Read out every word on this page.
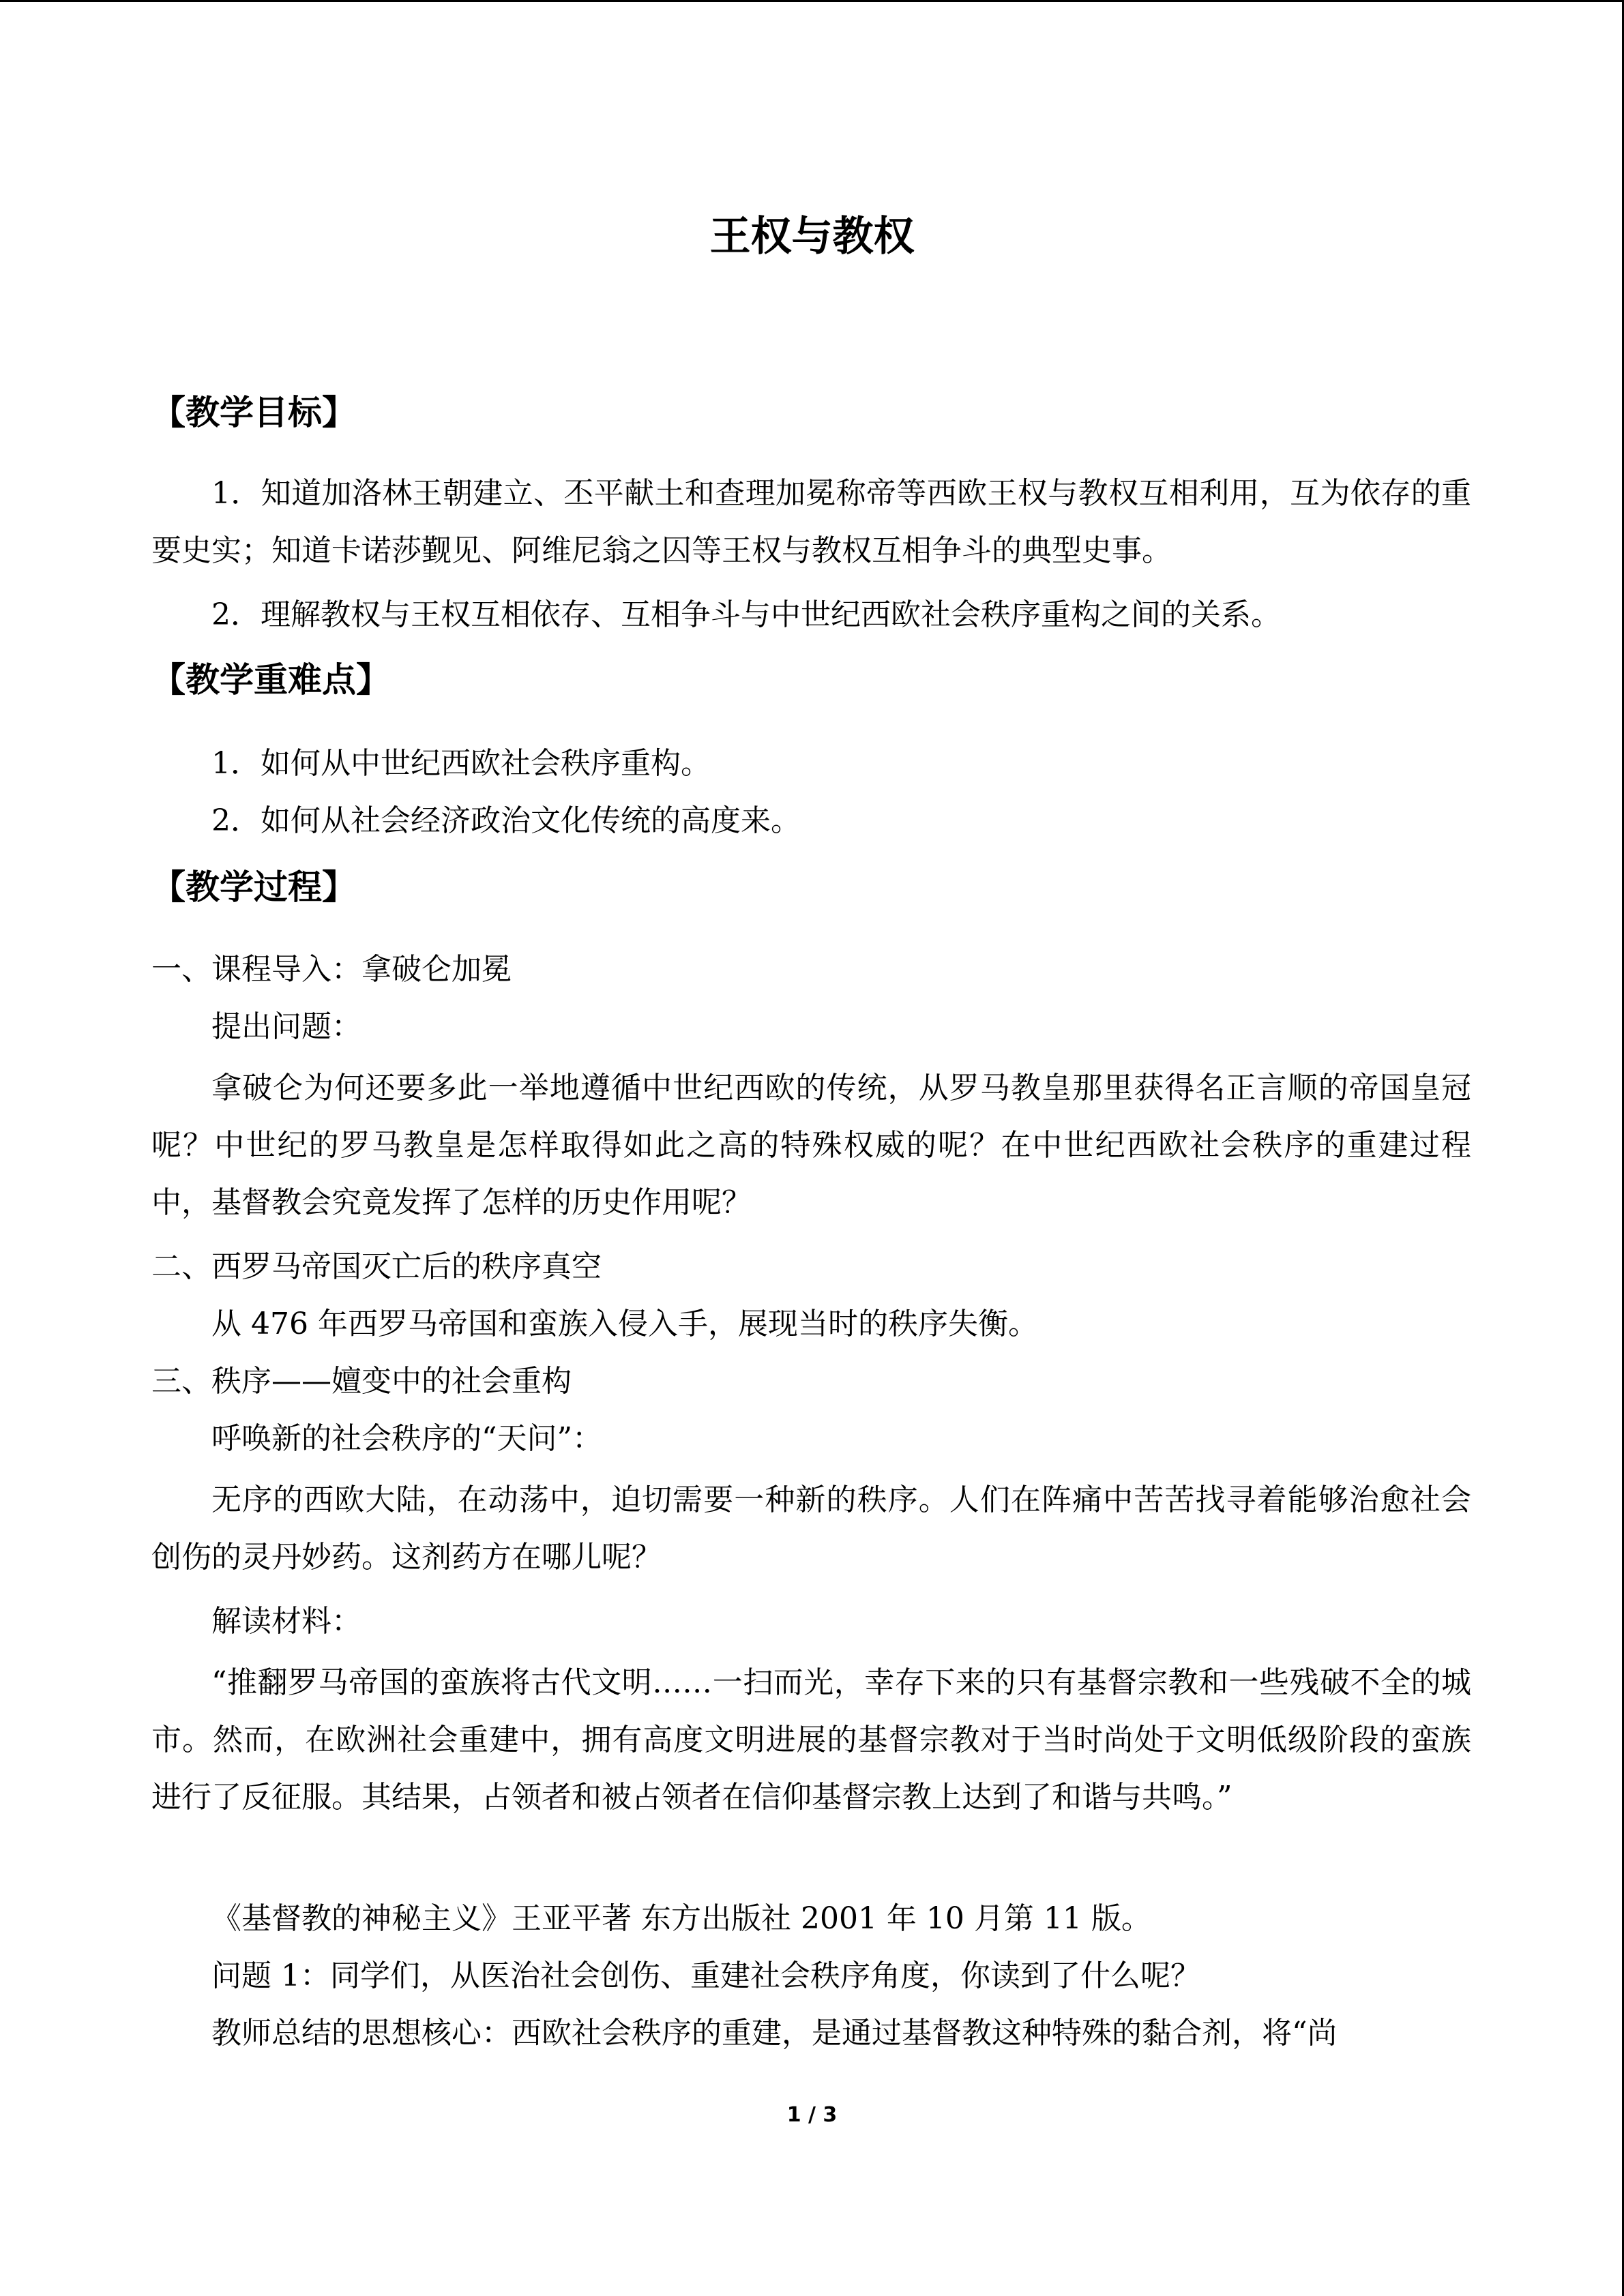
王权与教权
【教学目标】
1．知道加洛林王朝建立、丕平献土和查理加冕称帝等西欧王权与教权互相利用，互为依存的重要史实；知道卡诺莎觐见、阿维尼翁之囚等王权与教权互相争斗的典型史事。
2．理解教权与王权互相依存、互相争斗与中世纪西欧社会秩序重构之间的关系。
【教学重难点】
1．如何从中世纪西欧社会秩序重构。
2．如何从社会经济政治文化传统的高度来。
【教学过程】
一、课程导入：拿破仑加冕
提出问题：
拿破仑为何还要多此一举地遵循中世纪西欧的传统，从罗马教皇那里获得名正言顺的帝国皇冠呢？中世纪的罗马教皇是怎样取得如此之高的特殊权威的呢？在中世纪西欧社会秩序的重建过程中，基督教会究竟发挥了怎样的历史作用呢？
二、西罗马帝国灭亡后的秩序真空
从 476 年西罗马帝国和蛮族入侵入手，展现当时的秩序失衡。
三、秩序——嬗变中的社会重构
呼唤新的社会秩序的“天问”：
无序的西欧大陆，在动荡中，迫切需要一种新的秩序。人们在阵痛中苦苦找寻着能够治愈社会创伤的灵丹妙药。这剂药方在哪儿呢？
解读材料：
“推翻罗马帝国的蛮族将古代文明……一扫而光，幸存下来的只有基督宗教和一些残破不全的城市。然而，在欧洲社会重建中，拥有高度文明进展的基督宗教对于当时尚处于文明低级阶段的蛮族进行了反征服。其结果，占领者和被占领者在信仰基督宗教上达到了和谐与共鸣。”
《基督教的神秘主义》王亚平著 东方出版社 2001 年 10 月第 11 版。
问题 1：同学们，从医治社会创伤、重建社会秩序角度，你读到了什么呢？
教师总结的思想核心：西欧社会秩序的重建，是通过基督教这种特殊的黏合剂，将“尚
1 / 3
